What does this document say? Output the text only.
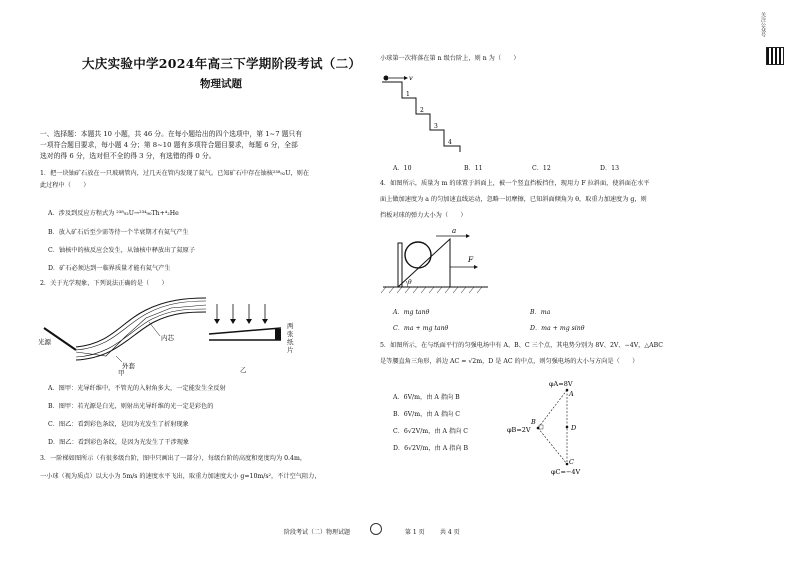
大庆实验中学2024年高三下学期阶段考试（二）
物理试题
一、选择题：本题共 10 小题，共 46 分。在每小题给出的四个选项中，第 1~7 题只有
一项符合题目要求，每小题 4 分；第 8~10 题有多项符合题目要求，每题 6 分，全部
选对的得 6 分，选对但不全的得 3 分，有选错的得 0 分。
1．把一块铀矿石放在一只玻璃管内，过几天在管内发现了氦气。已知矿石中存在铀核²³⁸₉₂U，则在
此过程中（　　）
A．涉及到反应方程式为 ²³⁸₉₂U→²³⁴₉₀Th+⁴₂He
B．放入矿石后至少需等待一个半衰期才有氦气产生
C．铀核中的核反应会发生，从铀核中释放出了氦原子
D．矿石必须达到一临界质量才能有氦气产生
2．关于光学现象，下列说法正确的是（　　）
光源	内芯
外套
甲
两张纸片
乙
A．图甲：光导纤维中，不管光的入射角多大，一定能发生全反射
B．图甲：若光源是白光，则射出光导纤维的光一定是彩色的
C．图乙：看到彩色条纹，是因为光发生了折射现象
D．图乙：看到彩色条纹，是因为光发生了干涉现象
3．一阶梯如图所示（有很多级台阶，图中只画出了一部分），每级台阶的高度和宽度均为 0.4m，
一小球（视为质点）以大小为 5m/s 的速度水平飞出，取重力加速度大小 g=10m/s²，不计空气阻力，
阶段考试（二）物理试题	第 1 页	共 4 页
小球第一次将落在第 n 级台阶上，则 n 为（　　）
v
1
2
3
4
A．10	B．11	C．12	D．13
4．如图所示，质量为 m 的球置于斜面上，被一个竖直挡板挡住，现用力 F 拉斜面，使斜面在水平
面上做加速度为 a 的匀加速直线运动，忽略一切摩擦，已知斜面倾角为 θ，取重力加速度为 g，则
挡板对球的弹力大小为（　　）
a
F
θ
A．mg tanθ	B．ma
C．ma + mg tanθ	D．ma + mg sinθ
5．如图所示，在与纸面平行的匀强电场中有 A、B、C 三个点，其电势分别为 8V、2V、−4V，△ABC
是等腰直角三角形，斜边 AC = √2m，D 是 AC 的中点，则匀强电场的大小与方向是（　　）
A．6V/m，由 A 指向 B
B．6V/m，由 A 指向 C
C．6√2V/m，由 A 指向 C
D．6√2V/m，由 A 指向 B
φA=8V
A
B
φB=2V	D
C
φC=−4V
关注公众号
